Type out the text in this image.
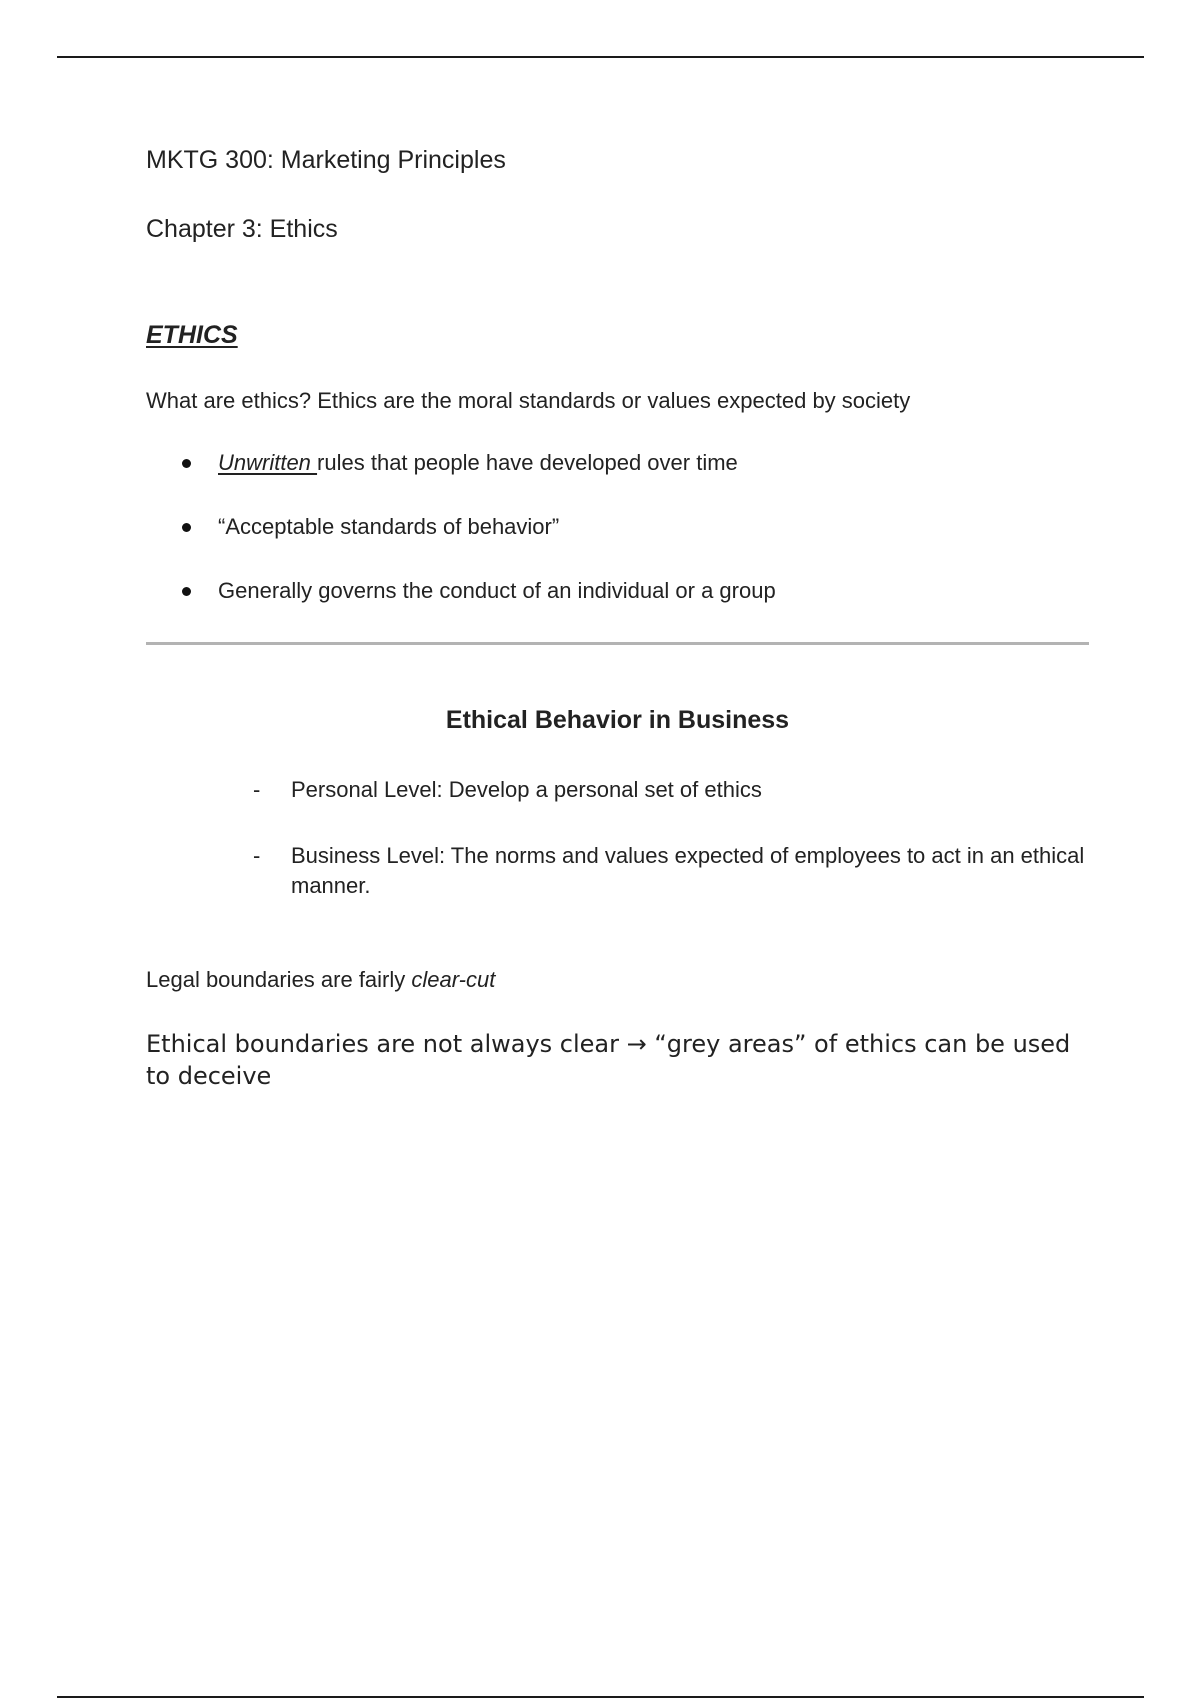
MKTG 300: Marketing Principles
Chapter 3: Ethics
ETHICS
What are ethics? Ethics are the moral standards or values expected by society
Unwritten rules that people have developed over time
“Acceptable standards of behavior”
Generally governs the conduct of an individual or a group
Ethical Behavior in Business
- Personal Level: Develop a personal set of ethics
- Business Level: The norms and values expected of employees to act in an ethical manner.
Legal boundaries are fairly clear-cut
Ethical boundaries are not always clear → “grey areas” of ethics can be used to deceive
